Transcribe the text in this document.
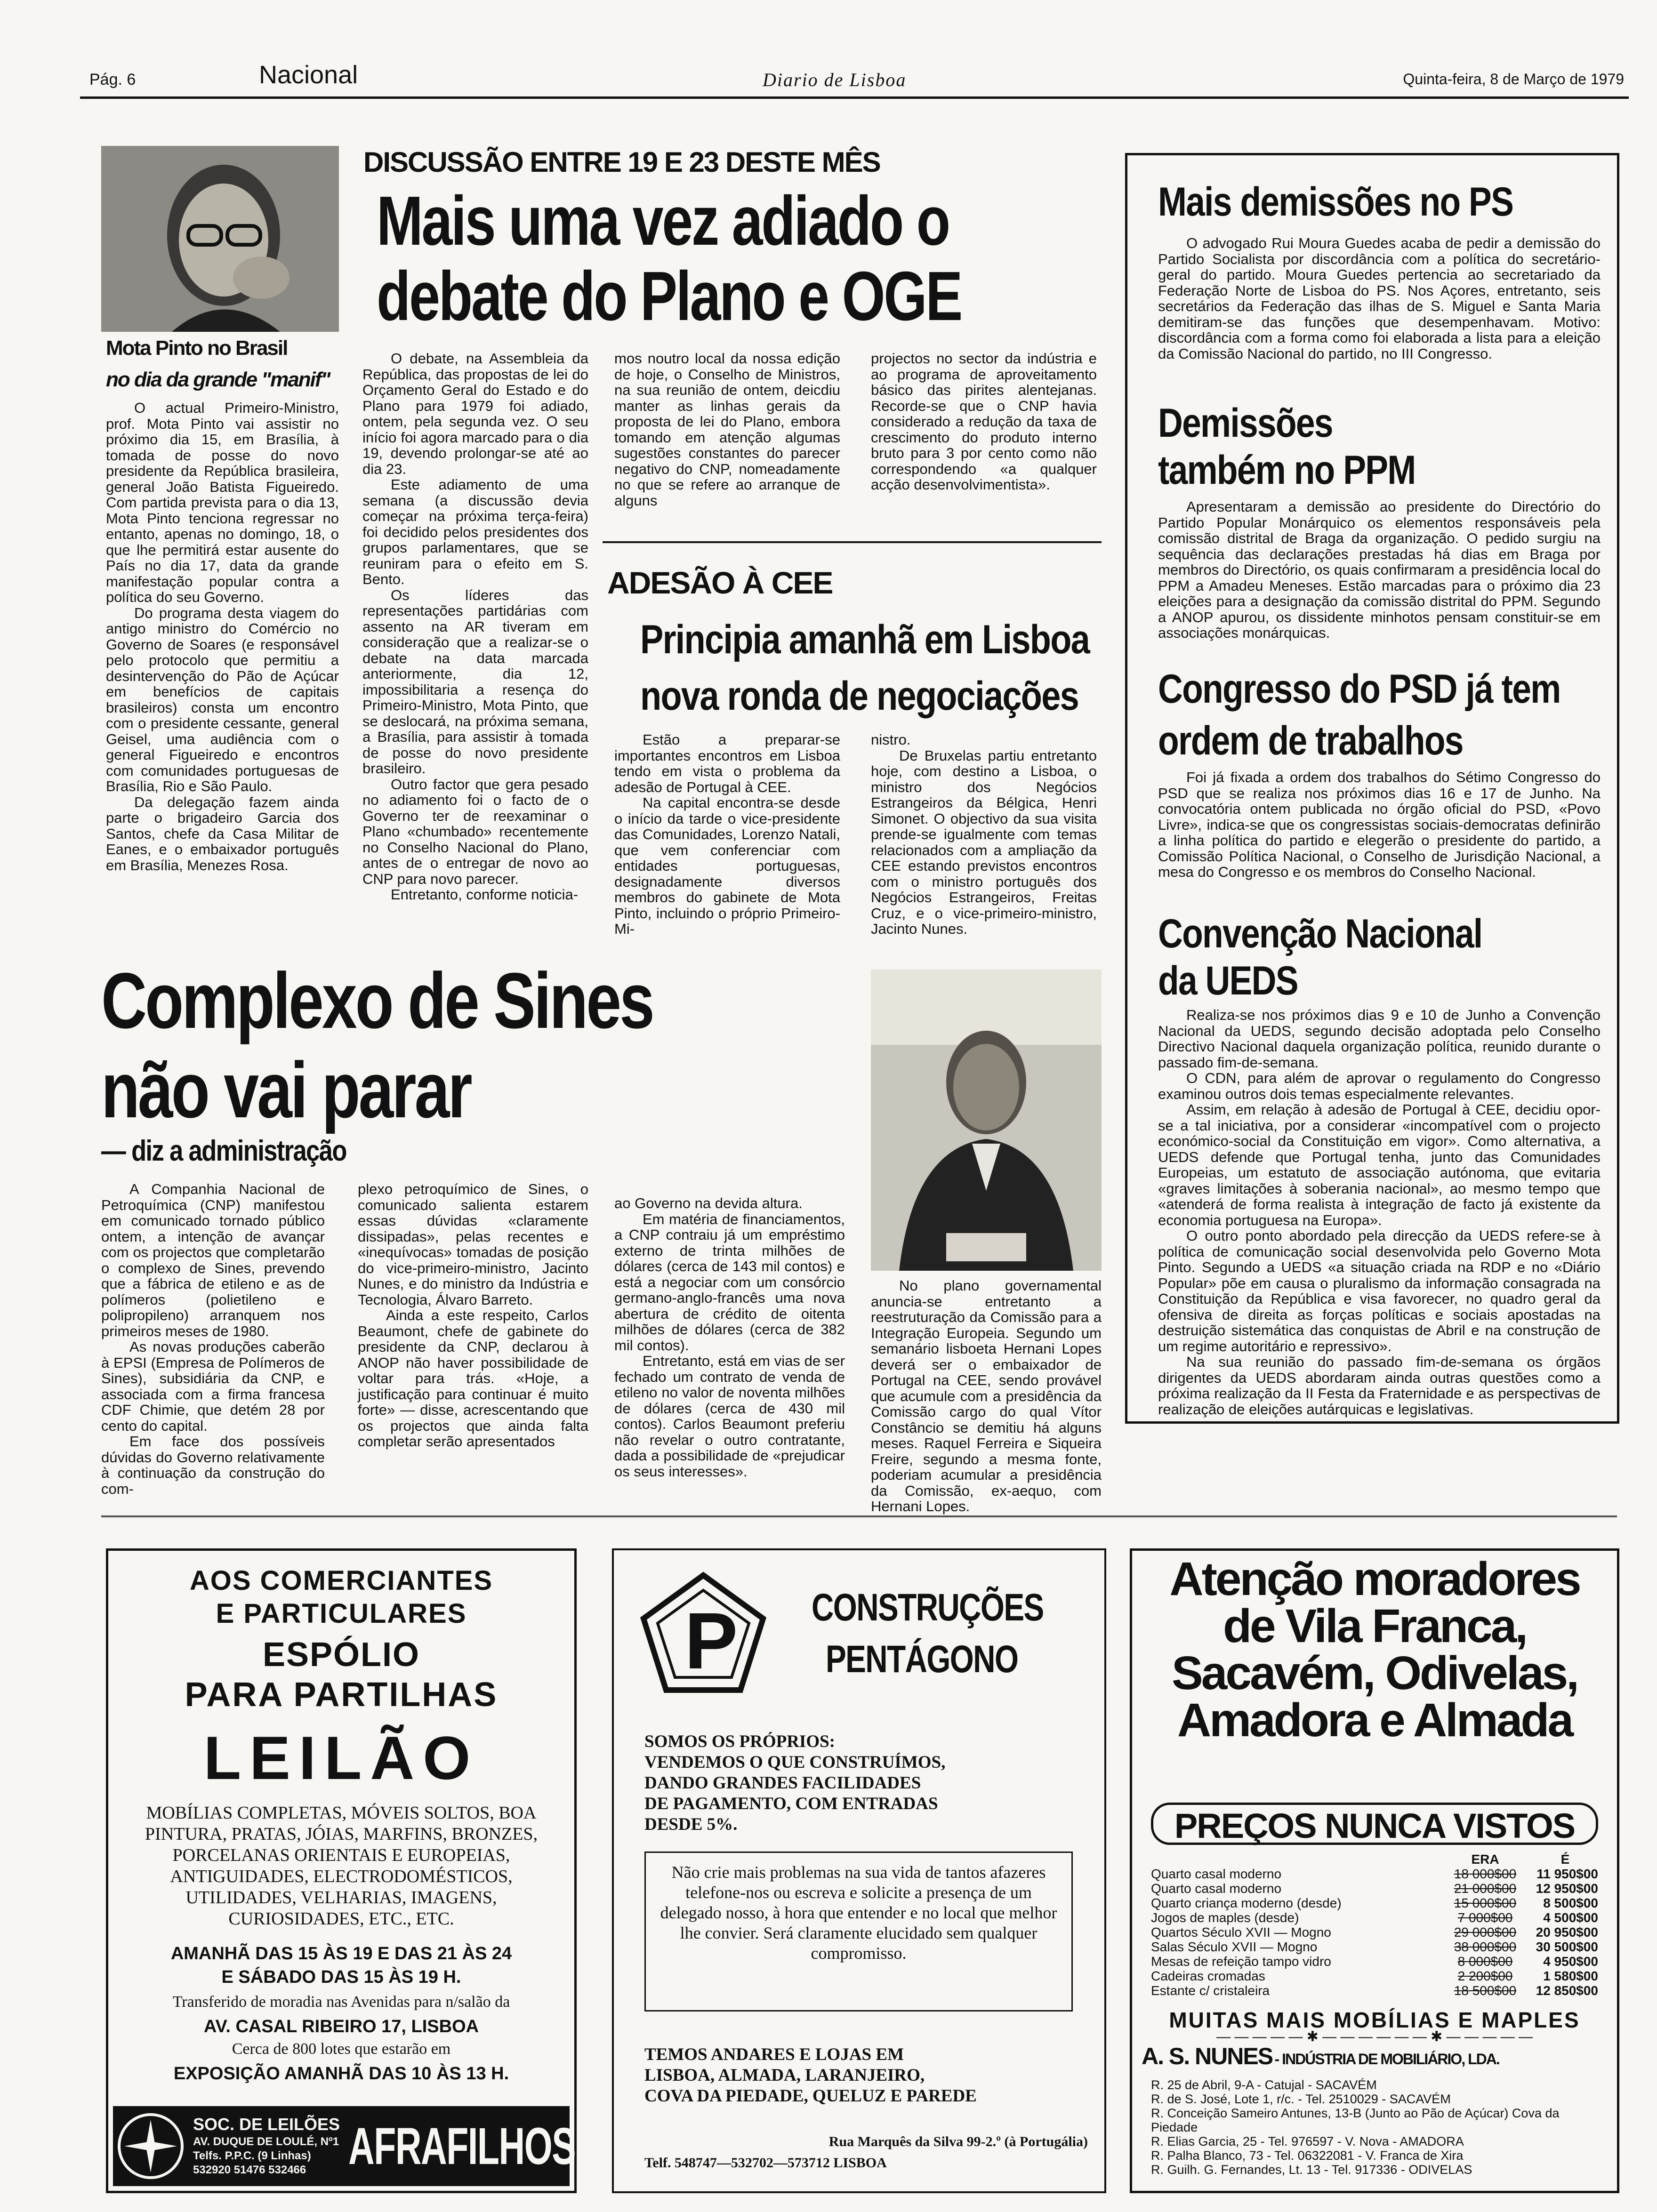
Pág. 6	Nacional	Diario de Lisboa	Quinta-feira, 8 de Março de 1979
Mota Pinto no Brasil
no dia da grande "manif"

O actual Primeiro-Ministro, prof. Mota Pinto vai assistir no próximo dia 15, em Brasília, à tomada de posse do novo presidente da República brasileira, general João Batista Figueiredo. Com partida prevista para o dia 13, Mota Pinto tenciona regressar no entanto, apenas no domingo, 18, o que lhe permitirá estar ausente do País no dia 17, data da grande manifestação popular contra a política do seu Governo.

Do programa desta viagem do antigo ministro do Comércio no Governo de Soares (e responsável pelo protocolo que permitiu a desintervenção do Pão de Açúcar em benefícios de capitais brasileiros) consta um encontro com o presidente cessante, general Geisel, uma audiência com o general Figueiredo e encontros com comunidades portuguesas de Brasília, Rio e São Paulo.

Da delegação fazem ainda parte o brigadeiro Garcia dos Santos, chefe da Casa Militar de Eanes, e o embaixador português em Brasília, Menezes Rosa.

DISCUSSÃO ENTRE 19 E 23 DESTE MÊS
Mais uma vez adiado o
debate do Plano e OGE

O debate, na Assembleia da República, das propostas de lei do Orçamento Geral do Estado e do Plano para 1979 foi adiado, ontem, pela segunda vez. O seu início foi agora marcado para o dia 19, devendo prolongar-se até ao dia 23.

Este adiamento de uma semana (a discussão devia começar na próxima terça-feira) foi decidido pelos presidentes dos grupos parlamentares, que se reuniram para o efeito em S. Bento.

Os líderes das representações partidárias com assento na AR tiveram em consideração que a realizar-se o debate na data marcada anteriormente, dia 12, impossibilitaria a resença do Primeiro-Ministro, Mota Pinto, que se deslocará, na próxima semana, a Brasília, para assistir à tomada de posse do novo presidente brasileiro.

Outro factor que gera pesado no adiamento foi o facto de o Governo ter de reexaminar o Plano «chumbado» recentemente no Conselho Nacional do Plano, antes de o entregar de novo ao CNP para novo parecer.

Entretanto, conforme noticia-

mos noutro local da nossa edição de hoje, o Conselho de Ministros, na sua reunião de ontem, deicdiu manter as linhas gerais da proposta de lei do Plano, embora tomando em atenção algumas sugestões constantes do parecer negativo do CNP, nomeadamente no que se refere ao arranque de alguns

projectos no sector da indústria e ao programa de aproveitamento básico das pirites alentejanas. Recorde-se que o CNP havia considerado a redução da taxa de crescimento do produto interno bruto para 3 por cento como não correspondendo «a qualquer acção desenvolvimentista».

ADESÃO À CEE
Principia amanhã em Lisboa
nova ronda de negociações

Estão a preparar-se importantes encontros em Lisboa tendo em vista o problema da adesão de Portugal à CEE.

Na capital encontra-se desde o início da tarde o vice-presidente das Comunidades, Lorenzo Natali, que vem conferenciar com entidades portuguesas, designadamente diversos membros do gabinete de Mota Pinto, incluindo o próprio Primeiro-Mi-

nistro.

De Bruxelas partiu entretanto hoje, com destino a Lisboa, o ministro dos Negócios Estrangeiros da Bélgica, Henri Simonet. O objectivo da sua visita prende-se igualmente com temas relacionados com a ampliação da CEE estando previstos encontros com o ministro português dos Negócios Estrangeiros, Freitas Cruz, e o vice-primeiro-ministro, Jacinto Nunes.

Complexo de Sines
não vai parar
— diz a administração

A Companhia Nacional de Petroquímica (CNP) manifestou em comunicado tornado público ontem, a intenção de avançar com os projectos que completarão o complexo de Sines, prevendo que a fábrica de etileno e as de polímeros (polietileno e polipropileno) arranquem nos primeiros meses de 1980.

As novas produções caberão à EPSI (Empresa de Polímeros de Sines), subsidiária da CNP, e associada com a firma francesa CDF Chimie, que detém 28 por cento do capital.

Em face dos possíveis dúvidas do Governo relativamente à continuação da construção do com-

plexo petroquímico de Sines, o comunicado salienta estarem essas dúvidas «claramente dissipadas», pelas recentes e «inequívocas» tomadas de posição do vice-primeiro-ministro, Jacinto Nunes, e do ministro da Indústria e Tecnologia, Álvaro Barreto.

Ainda a este respeito, Carlos Beaumont, chefe de gabinete do presidente da CNP, declarou à ANOP não haver possibilidade de voltar para trás. «Hoje, a justificação para continuar é muito forte» — disse, acrescentando que os projectos que ainda falta completar serão apresentados

ao Governo na devida altura.

Em matéria de financiamentos, a CNP contraiu já um empréstimo externo de trinta milhões de dólares (cerca de 143 mil contos) e está a negociar com um consórcio germano-anglo-francês uma nova abertura de crédito de oitenta milhões de dólares (cerca de 382 mil contos).

Entretanto, está em vias de ser fechado um contrato de venda de etileno no valor de noventa milhões de dólares (cerca de 430 mil contos). Carlos Beaumont preferiu não revelar o outro contratante, dada a possibilidade de «prejudicar os seus interesses».

No plano governamental anuncia-se entretanto a reestruturação da Comissão para a Integração Europeia. Segundo um semanário lisboeta Hernani Lopes deverá ser o embaixador de Portugal na CEE, sendo provável que acumule com a presidência da Comissão cargo do qual Vítor Constâncio se demitiu há alguns meses. Raquel Ferreira e Siqueira Freire, segundo a mesma fonte, poderiam acumular a presidência da Comissão, ex-aequo, com Hernani Lopes.

Mais demissões no PS

O advogado Rui Moura Guedes acaba de pedir a demissão do Partido Socialista por discordância com a política do secretário-geral do partido. Moura Guedes pertencia ao secretariado da Federação Norte de Lisboa do PS. Nos Açores, entretanto, seis secretários da Federação das ilhas de S. Miguel e Santa Maria demitiram-se das funções que desempenhavam. Motivo: discordância com a forma como foi elaborada a lista para a eleição da Comissão Nacional do partido, no III Congresso.

Demissões
também no PPM

Apresentaram a demissão ao presidente do Directório do Partido Popular Monárquico os elementos responsáveis pela comissão distrital de Braga da organização. O pedido surgiu na sequência das declarações prestadas há dias em Braga por membros do Directório, os quais confirmaram a presidência local do PPM a Amadeu Meneses. Estão marcadas para o próximo dia 23 eleições para a designação da comissão distrital do PPM. Segundo a ANOP apurou, os dissidente minhotos pensam constituir-se em associações monárquicas.

Congresso do PSD já tem
ordem de trabalhos

Foi já fixada a ordem dos trabalhos do Sétimo Congresso do PSD que se realiza nos próximos dias 16 e 17 de Junho. Na convocatória ontem publicada no órgão oficial do PSD, «Povo Livre», indica-se que os congressistas sociais-democratas definirão a linha política do partido e elegerão o presidente do partido, a Comissão Política Nacional, o Conselho de Jurisdição Nacional, a mesa do Congresso e os membros do Conselho Nacional.

Convenção Nacional
da UEDS

Realiza-se nos próximos dias 9 e 10 de Junho a Convenção Nacional da UEDS, segundo decisão adoptada pelo Conselho Directivo Nacional daquela organização política, reunido durante o passado fim-de-semana.

O CDN, para além de aprovar o regulamento do Congresso examinou outros dois temas especialmente relevantes.

Assim, em relação à adesão de Portugal à CEE, decidiu opor-se a tal iniciativa, por a considerar «incompatível com o projecto económico-social da Constituição em vigor». Como alternativa, a UEDS defende que Portugal tenha, junto das Comunidades Europeias, um estatuto de associação autónoma, que evitaria «graves limitações à soberania nacional», ao mesmo tempo que «atenderá de forma realista à integração de facto já existente da economia portuguesa na Europa».

O outro ponto abordado pela direcção da UEDS refere-se à política de comunicação social desenvolvida pelo Governo Mota Pinto. Segundo a UEDS «a situação criada na RDP e no «Diário Popular» põe em causa o pluralismo da informação consagrada na Constituição da República e visa favorecer, no quadro geral da ofensiva de direita as forças políticas e sociais apostadas na destruição sistemática das conquistas de Abril e na construção de um regime autoritário e repressivo».

Na sua reunião do passado fim-de-semana os órgãos dirigentes da UEDS abordaram ainda outras questões como a próxima realização da II Festa da Fraternidade e as perspectivas de realização de eleições autárquicas e legislativas.

AOS COMERCIANTES
E PARTICULARES
ESPÓLIO
PARA PARTILHAS
LEILÃO
MOBÍLIAS COMPLETAS, MÓVEIS SOLTOS, BOA PINTURA, PRATAS, JÓIAS, MARFINS, BRONZES, PORCELANAS ORIENTAIS E EUROPEIAS, ANTIGUIDADES, ELECTRODOMÉSTICOS, UTILIDADES, VELHARIAS, IMAGENS, CURIOSIDADES, ETC., ETC.
AMANHÃ DAS 15 ÀS 19 E DAS 21 ÀS 24
E SÁBADO DAS 15 ÀS 19 H.
Transferido de moradia nas Avenidas para n/salão da
AV. CASAL RIBEIRO 17, LISBOA
Cerca de 800 lotes que estarão em
EXPOSIÇÃO AMANHÃ DAS 10 ÀS 13 H.
SOC. DE LEILÕES
AV. DUQUE DE LOULÉ, Nº1
Telfs. P.P.C. (9 Linhas)
532920 51476 532466 AFRAFILHOS,Lda
P CONSTRUÇÕES
PENTÁGONO
SOMOS OS PRÓPRIOS:
VENDEMOS O QUE CONSTRUÍMOS,
DANDO GRANDES FACILIDADES
DE PAGAMENTO, COM ENTRADAS
DESDE 5%.
Não crie mais problemas na sua vida de tantos afazeres telefone-nos ou escreva e solicite a presença de um delegado nosso, à hora que entender e no local que melhor lhe convier. Será claramente elucidado sem qualquer compromisso.
TEMOS ANDARES E LOJAS EM
LISBOA, ALMADA, LARANJEIRO,
COVA DA PIEDADE, QUELUZ E PAREDE
Rua Marquês da Silva 99-2.º (à Portugália)
Telf. 548747—532702—573712 LISBOA
Atenção moradores de Vila Franca, Sacavém, Odivelas, Amadora e Almada
PREÇOS NUNCA VISTOS
ERA	É
Quarto casal moderno	18 000$00	11 950$00
Quarto casal moderno	21 000$00	12 950$00
Quarto criança moderno (desde)	15 000$00	8 500$00
Jogos de maples (desde)	7 000$00	4 500$00
Quartos Século XVII — Mogno	29 000$00	20 950$00
Salas Século XVII — Mogno	38 000$00	30 500$00
Mesas de refeição tampo vidro	8 000$00	4 950$00
Cadeiras cromadas	2 200$00	1 580$00
Estante c/ cristaleira	18 500$00	12 850$00
MUITAS MAIS MOBÍLIAS E MAPLES
— — — — — ✱ — — — — — — ✱ — — — — —
A. S. NUNES - INDÚSTRIA DE MOBILIÁRIO, LDA.
R. 25 de Abril, 9-A - Catujal - SACAVÉM
R. de S. José, Lote 1, r/c. - Tel. 2510029 - SACAVÉM
R. Conceição Sameiro Antunes, 13-B (Junto ao Pão de Açúcar) Cova da Piedade
R. Elias Garcia, 25 - Tel. 976597 - V. Nova - AMADORA
R. Palha Blanco, 73 - Tel. 06322081 - V. Franca de Xira
R. Guilh. G. Fernandes, Lt. 13 - Tel. 917336 - ODIVELAS
